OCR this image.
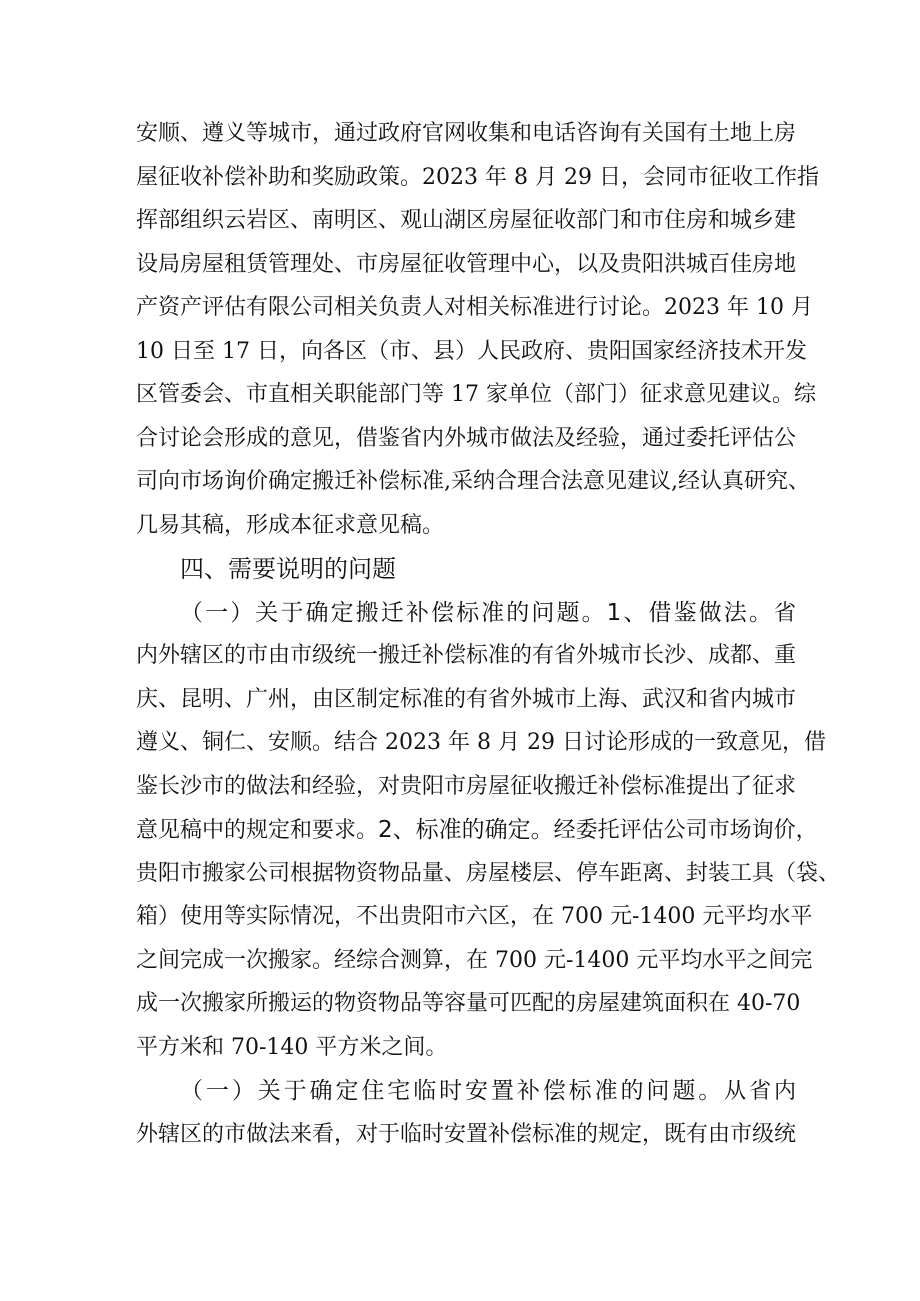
安顺、遵义等城市，通过政府官网收集和电话咨询有关国有土地上房
屋征收补偿补助和奖励政策。2023 年 8 月 29 日，会同市征收工作指
挥部组织云岩区、南明区、观山湖区房屋征收部门和市住房和城乡建
设局房屋租赁管理处、市房屋征收管理中心，以及贵阳洪城百佳房地
产资产评估有限公司相关负责人对相关标准进行讨论。2023 年 10 月
10 日至 17 日，向各区（市、县）人民政府、贵阳国家经济技术开发
区管委会、市直相关职能部门等 17 家单位（部门）征求意见建议。综
合讨论会形成的意见，借鉴省内外城市做法及经验，通过委托评估公
司向市场询价确定搬迁补偿标准,采纳合理合法意见建议,经认真研究、
几易其稿，形成本征求意见稿。
四、需要说明的问题
（一）关于确定搬迁补偿标准的问题。1、借鉴做法。省
内外辖区的市由市级统一搬迁补偿标准的有省外城市长沙、成都、重
庆、昆明、广州，由区制定标准的有省外城市上海、武汉和省内城市
遵义、铜仁、安顺。结合 2023 年 8 月 29 日讨论形成的一致意见，借
鉴长沙市的做法和经验，对贵阳市房屋征收搬迁补偿标准提出了征求
意见稿中的规定和要求。2、标准的确定。经委托评估公司市场询价，
贵阳市搬家公司根据物资物品量、房屋楼层、停车距离、封装工具（袋、
箱）使用等实际情况，不出贵阳市六区，在 700 元-1400 元平均水平
之间完成一次搬家。经综合测算，在 700 元-1400 元平均水平之间完
成一次搬家所搬运的物资物品等容量可匹配的房屋建筑面积在 40-70
平方米和 70-140 平方米之间。
（一）关于确定住宅临时安置补偿标准的问题。从省内
外辖区的市做法来看，对于临时安置补偿标准的规定，既有由市级统
